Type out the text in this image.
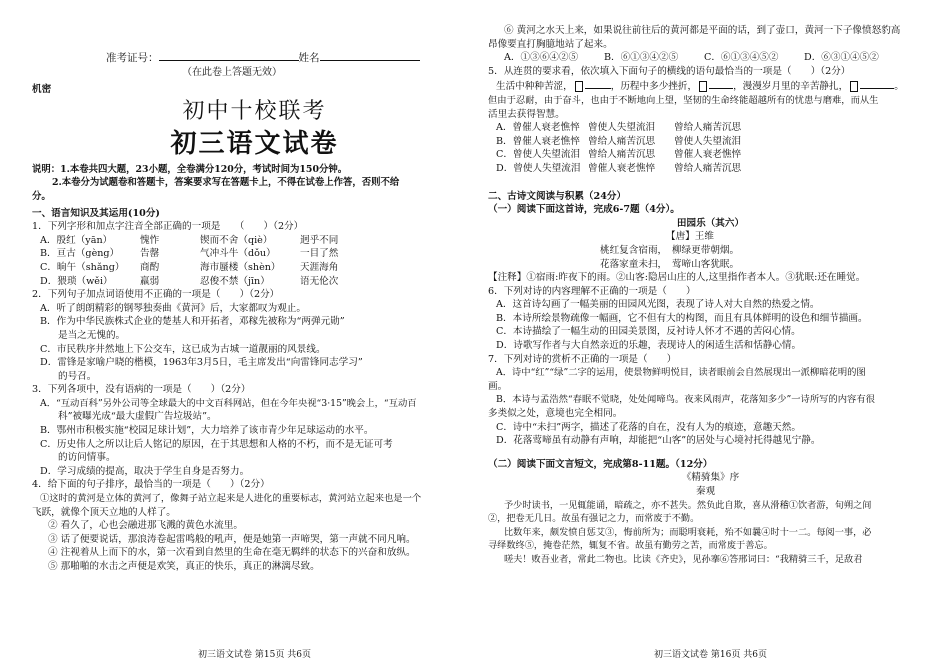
准考证号：	姓名
（在此卷上答题无效）
机密
初中十校联考
初三语文试卷
说明：1.本卷共四大题，23小题，全卷满分120分，考试时间为150分钟。
2.本卷分为试题卷和答题卡，答案要求写在答题卡上，不得在试卷上作答，否则不给
分。
一、语言知识及其运用(10分)
1．下列字形和加点字注音全部正确的一项是　　（　　）（2分）
A．殷红（yān）	愧怍	锲而不舍（qiè）	迥乎不同
B．亘古（gèng）	告罄	气冲斗牛（dǒu）	一目了然
C．晌午（shǎng）	商酌	海市蜃楼（shèn）	天涯海角
D．猥琐（wěi）	羸弱	忍俊不禁（jīn）	语无伦次
2．下列句子加点词语使用不正确的一项是（　　）（2分）
A．听了朗朗精彩的钢琴独奏曲《黄河》后，大家都叹为观止。
B．作为中华民族株式企业的楚基人和开拓者，邓稼先被称为“两弹元勋”
是当之无愧的。
C．市民秩序井然地上下公交车，这已成为古城一道靓丽的风景线。
D．雷锋是家喻户晓的楷模，1963年3月5日，毛主席发出“向雷锋同志学习”
的号召。
3．下列各项中，没有语病的一项是（　　）（2分）
A．“互动百科”另外公司等全球最大的中文百科网站，但在今年央视“3·15”晚会上，“互动百
科”被曝光成“最大虚假广告垃圾站”。
B．鄂州市积极实施“校园足球计划”，大力培养了该市青少年足球运动的水平。
C．历史伟人之所以让后人铭记的原因，在于其思想和人格的不朽，而不是无证可考
的访问情事。
D．学习成绩的提高，取决于学生自身是否努力。
4．给下面的句子排序，最恰当的一项是（　　）（2分）
①这时的黄河是立体的黄河了，像舞子站立起来是人进化的重要标志，黄河站立起来也是一个
飞跃，就像个顶天立地的人样了。
② 看久了，心也会融进那飞溅的黄色水流里。
③ 话了便要说话，那浪涛卷起雷鸣般的吼声，便是她第一声啼哭，第一声就不同凡响。
④ 注视着从上而下的水，第一次看到自然里的生命在毫无羁绊的状态下的兴奋和放纵。
⑤ 那啪啪的水击之声便是欢笑，真正的快乐，真正的淋漓尽致。
初三语文试卷 第15页 共6页
⑥ 黄河之水天上来，如果说往前往后的黄河都是平面的话，到了壶口，黄河一下子像愤怒豹高
昂像要直打胸臆地站了起来。
A．①③⑥④②⑤	B．⑥①③④②⑤	C．⑥①③④⑤②	D．⑥③①④⑤②
5．从连贯的要求看，依次填入下面句子的横线的语句最恰当的一项是（　　）（2分）
生活中种种苦涩，	，历程中多少挫折，	，漫漫岁月里的辛苦静扎，	。
但由于忍耐，由于奋斗，也由于不断地向上望，坚韧的生命终能超越所有的忧患与磨难，而从生
活里去获得智慧。
A．曾催人衰老憔悴 曾使人失望流泪	曾给人痛苦沉思
B．曾催人衰老憔悴 曾给人痛苦沉思	曾使人失望流泪
C．曾使人失望流泪 曾给人痛苦沉思	曾催人衰老憔悴
D．曾使人失望流泪 曾催人衰老憔悴	曾给人痛苦沉思
二、古诗文阅读与积累（24分）
（一）阅读下面这首诗，完成6-7题（4分）。
田园乐（其六）
【唐】王维
桃红复含宿雨，　柳绿更带朝烟。
花落家童未扫，　莺啼山客犹眠。
【注释】①宿雨:昨夜下的雨。②山客:隐居山庄的人,这里指作者本人。③犹眠:还在睡觉。
6．下列对诗的内容理解不正确的一项是（　　）
A．这首诗勾画了一幅美丽的田园风光图，表现了诗人对大自然的热爱之情。
B．本诗所绘景物疏像一幅画，它不但有大的构图，而且有具体鲜明的设色和细节描画。
C．本诗描绘了一幅生动的田园美景图，反衬诗人怀才不遇的苦闷心情。
D．诗歌写作者与大自然亲近的乐趣，表现诗人的闲适生活和恬静心情。
7．下列对诗的赏析不正确的一项是（　　）
A．诗中“红”“绿”二字的运用，使景物鲜明悦目，读者眼前会自然展现出一派柳暗花明的图
画。
B．本诗与孟浩然“春眠不觉晓，处处闻啼鸟。夜来风雨声，花落知多少”一诗所写的内容有很
多类似之处，意境也完全相同。
C．诗中“未扫”两字，描述了花落的自在，没有人为的痕迹，意趣天然。
D．花落莺啼虽有动静有声响，却能把“山客”的居处与心境衬托得越见宁静。
（二）阅读下面文言短文，完成第8-11题。（12分）
《精骑集》序
秦观
予少时读书，一见辄能诵，暗疏之，亦不甚失。然负此自欺，喜从滑稽①饮者游，旬朔之间
②，把卷无几日。故虽有强记之力，而常废于不勤。
比数年来，颇发愤自惩艾③，悔前所为；而聪明衰耗，殆不如曩④时十一二。每阅一事，必
寻绎数终⑤，掩卷茫然，辄复不省。故虽有勤劳之苦，而常废于善忘。
嗟夫！败吾业者，常此二物也。比读《齐史》，见孙搴⑥答邢词曰：“我精骑三千，足敌君
初三语文试卷 第16页 共6页
